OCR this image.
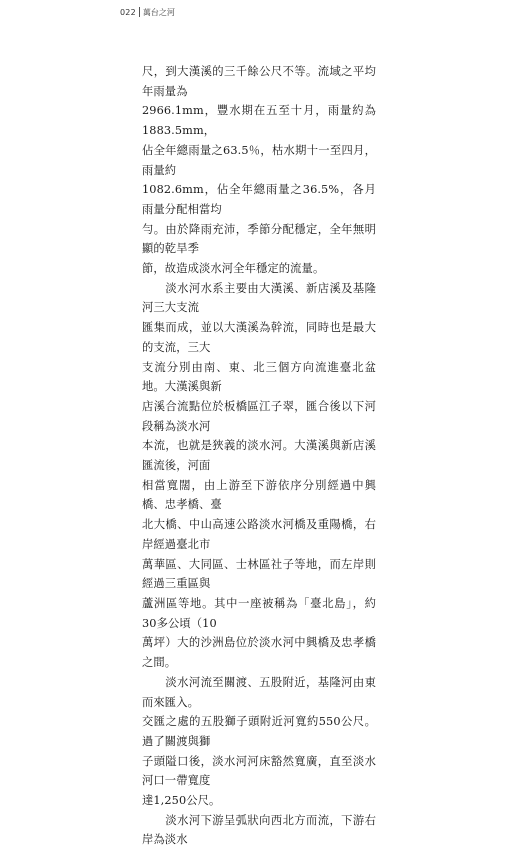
022 萬台之河

尺，到大漢溪的三千餘公尺不等。流域之平均年雨量為
2966.1mm，豐水期在五至十月，雨量約為1883.5mm，
佔全年總雨量之63.5％，枯水期十一至四月，雨量約
1082.6mm，佔全年總雨量之36.5%，各月雨量分配相當均
勻。由於降雨充沛，季節分配穩定，全年無明顯的乾旱季
節，故造成淡水河全年穩定的流量。

　　淡水河水系主要由大漢溪、新店溪及基隆河三大支流
匯集而成，並以大漢溪為幹流，同時也是最大的支流，三大
支流分別由南、東、北三個方向流進臺北盆地。大漢溪與新
店溪合流點位於板橋區江子翠，匯合後以下河段稱為淡水河
本流，也就是狹義的淡水河。大漢溪與新店溪匯流後，河面
相當寬闊，由上游至下游依序分別經過中興橋、忠孝橋、臺
北大橋、中山高速公路淡水河橋及重陽橋，右岸經過臺北市
萬華區、大同區、士林區社子等地，而左岸則經過三重區與
蘆洲區等地。其中一座被稱為「臺北島」，約30多公頃（10
萬坪）大的沙洲島位於淡水河中興橋及忠孝橋之間。

　　淡水河流至關渡、五股附近，基隆河由東而來匯入。
交匯之處的五股獅子頭附近河寬約550公尺。過了關渡與獅
子頭隘口後，淡水河河床豁然寬廣，直至淡水河口一帶寬度
達1,250公尺。

　　淡水河下游呈弧狀向西北方而流，下游右岸為淡水
